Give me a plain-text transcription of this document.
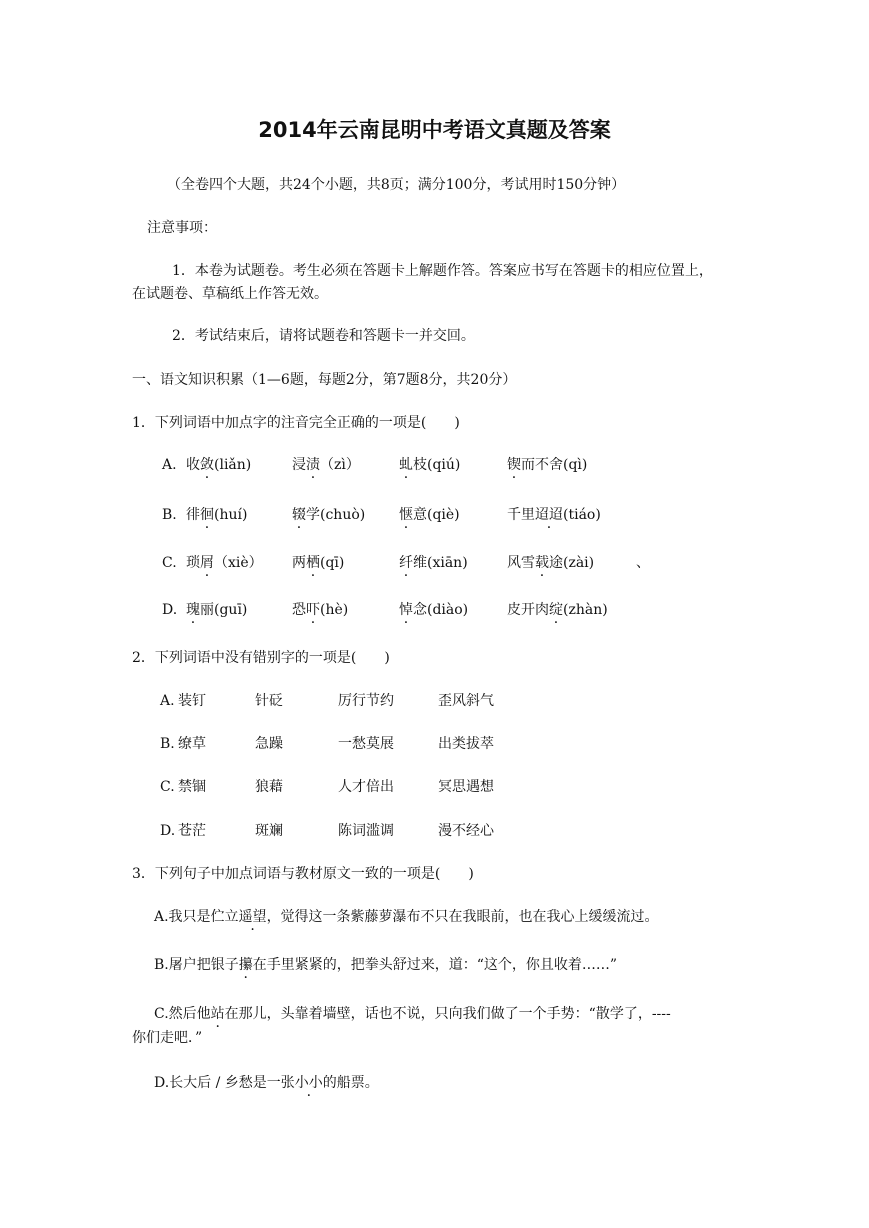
2014年云南昆明中考语文真题及答案
（全卷四个大题，共24个小题，共8页；满分100分，考试用时150分钟）
注意事项：
1．本卷为试题卷。考生必须在答题卡上解题作答。答案应书写在答题卡的相应位置上，
在试题卷、草稿纸上作答无效。
2．考试结束后，请将试题卷和答题卡一并交回。
一、语文知识积累（1—6题，每题2分，第7题8分，共20分）
1．下列词语中加点字的注音完全正确的一项是(　　)
A. 收敛(liǎn)	浸渍（zì）	虬枝(qiú)	锲而不舍(qì)
B. 徘徊(huí)	辍学(chuò) 惬意(qiè)	千里迢迢(tiáo)
C. 琐屑（xiè） 两栖(qī)	纤维(xiān)	风雪载途(zài)	、
D. 瑰丽(guī)	恐吓(hè)	悼念(diào)	皮开肉绽(zhàn)
2．下列词语中没有错别字的一项是(　　)
A. 装钉	针砭	厉行节约	歪风斜气
B. 缭草	急躁	一愁莫展	出类拔萃
C. 禁锢	狼藉	人才倍出	冥思遇想
D. 苍茫	斑斓	陈词滥调	漫不经心
3．下列句子中加点词语与教材原文一致的一项是(　　)
A.我只是伫立遥望，觉得这一条紫藤萝瀑布不只在我眼前，也在我心上缓缓流过。
B.屠户把银子攥在手里紧紧的，把拳头舒过来，道：“这个，你且收着……”
C.然后他站在那儿，头靠着墙壁，话也不说，只向我们做了一个手势：“散学了，----
你们走吧．”
D.长大后 / 乡愁是一张小小的船票。
